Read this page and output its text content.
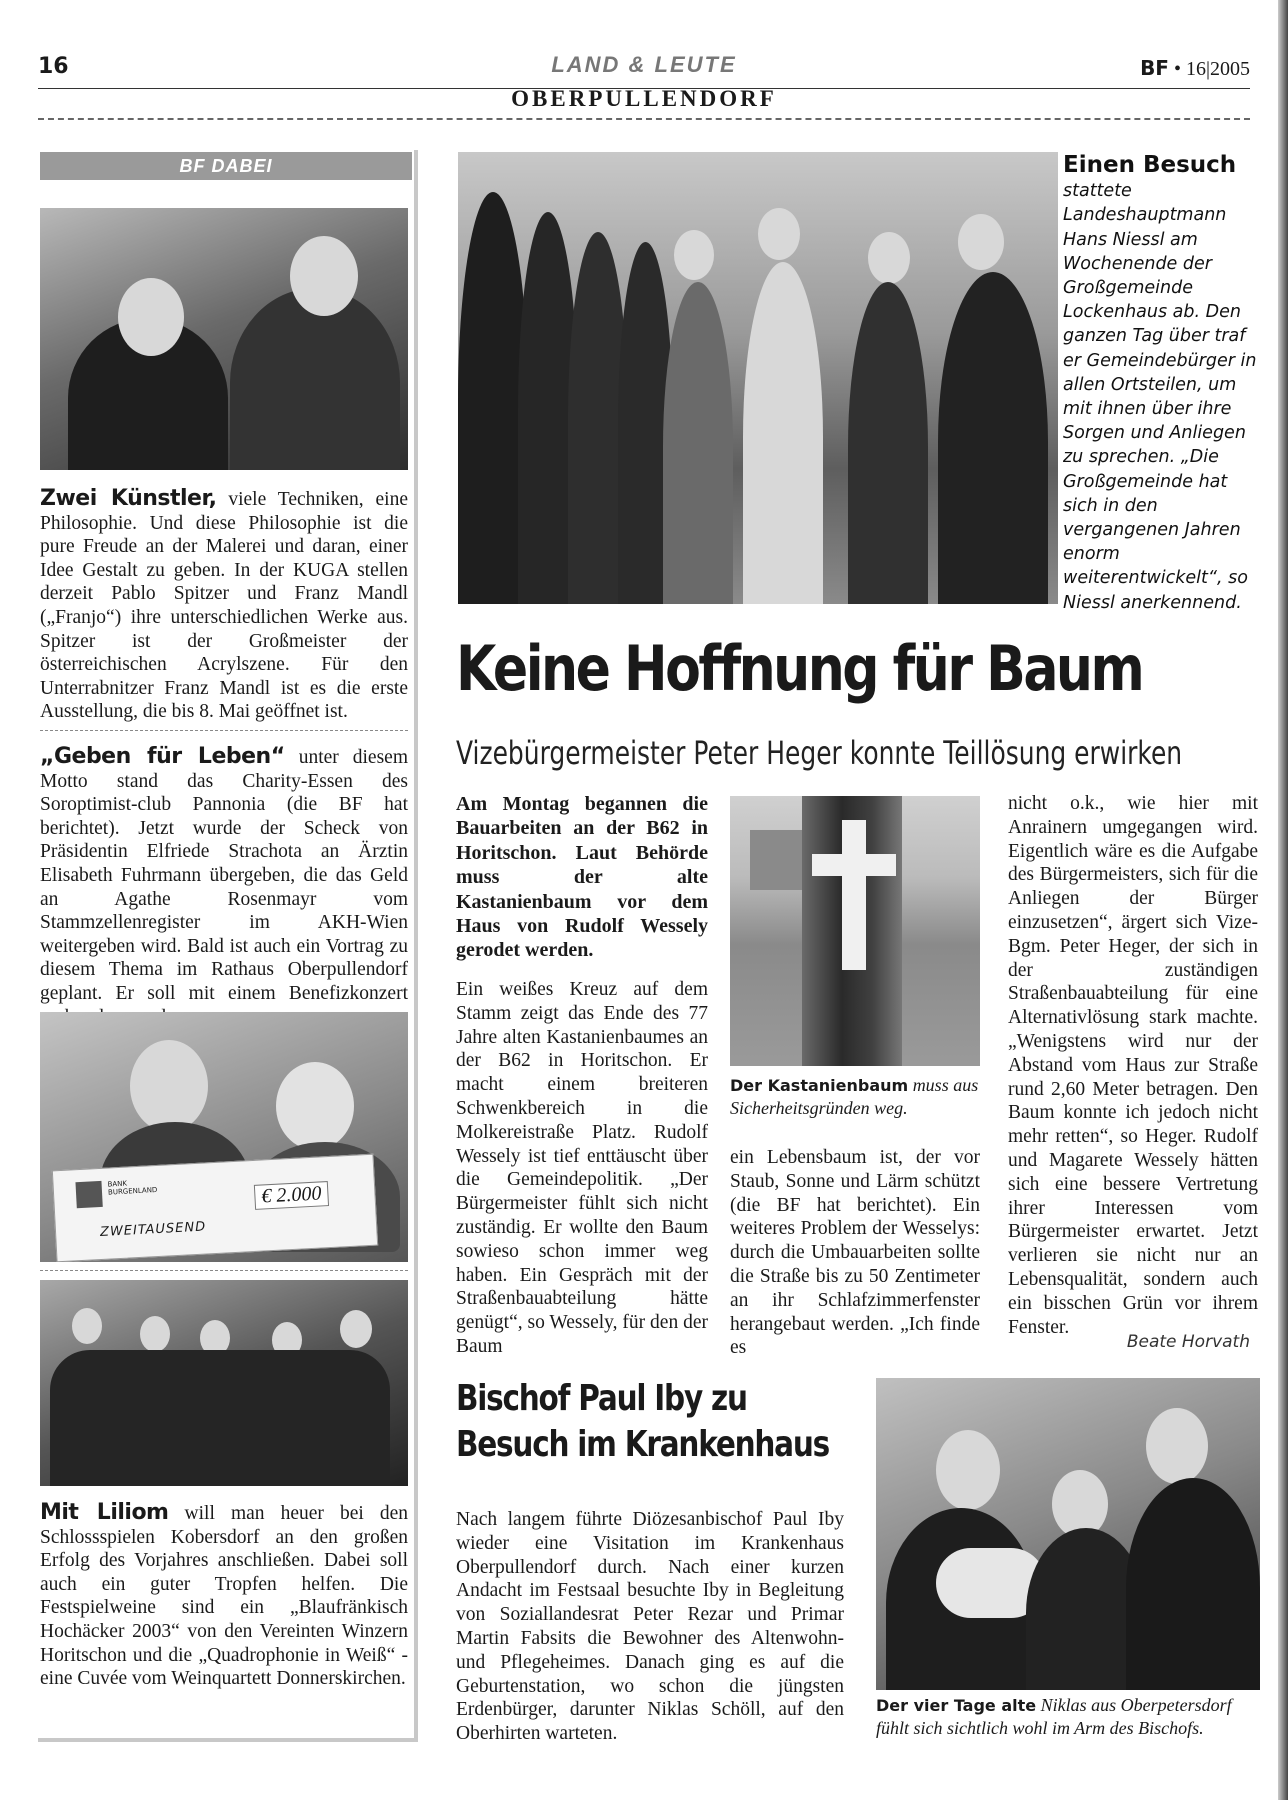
16	LAND & LEUTE
OBERPULLENDORF
BF • 16|2005
BF DABEI
Zwei Künstler, viele Techniken, eine Philosophie. Und diese Philosophie ist die pure Freude an der Malerei und daran, einer Idee Gestalt zu geben. In der KUGA stellen derzeit Pablo Spitzer und Franz Mandl („Franjo“) ihre unterschiedlichen Werke aus. Spitzer ist der Großmeister der österreichischen Acrylszene. Für den Unterrabnitzer Franz Mandl ist es die erste Ausstellung, die bis 8. Mai geöffnet ist.
„Geben für Leben“ unter diesem Motto stand das Charity-Essen des Soroptimist-club Pannonia (die BF hat berichtet). Jetzt wurde der Scheck von Präsidentin Elfriede Strachota an Ärztin Elisabeth Fuhrmann übergeben, die das Geld an Agathe Rosenmayr vom Stammzellenregister im AKH-Wien weitergeben wird. Bald ist auch ein Vortrag zu diesem Thema im Rathaus Oberpullendorf geplant. Er soll mit einem Benefizkonzert
BANK BURGENLAND	€ 2.000
ZWEITAUSEND
Mit Liliom will man heuer bei den Schlossspielen Kobersdorf an den großen Erfolg des Vorjahres anschließen. Dabei soll auch ein guter Tropfen helfen. Die Festspielweine sind ein „Blaufränkisch Hochäcker 2003“ von den Vereinten Winzern Horitschon und die „Quadrophonie in Weiß“ - eine Cuvée vom Weinquartett Donnerskirchen.
Einen Besuch stattete Landeshauptmann Hans Niessl am Wochenende der Großgemeinde Lockenhaus ab. Den ganzen Tag über traf er Gemeindebürger in allen Ortsteilen, um mit ihnen über ihre Sorgen und Anliegen zu sprechen. „Die Großgemeinde hat sich in den vergangenen Jahren enorm weiterentwickelt“, so Niessl anerkennend.
Keine Hoffnung für Baum
Vizebürgermeister Peter Heger konnte Teillösung erwirken
Am Montag begannen die Bauarbeiten an der B62 in Horitschon. Laut Behörde muss der alte Kastanienbaum vor dem Haus von Rudolf Wessely gerodet werden.
Ein weißes Kreuz auf dem Stamm zeigt das Ende des 77 Jahre alten Kastanienbaumes an der B62 in Horitschon. Er macht einem breiteren Schwenkbereich in die Molkereistraße Platz. Rudolf Wessely ist tief enttäuscht über die Gemeindepolitik. „Der Bürgermeister fühlt sich nicht zuständig. Er wollte den Baum sowieso schon immer weg haben. Ein Gespräch mit der Straßenbauabteilung hätte genügt“, so Wessely, für den der Baum
Der Kastanienbaum muss aus Sicherheitsgründen weg.
ein Lebensbaum ist, der vor Staub, Sonne und Lärm schützt (die BF hat berichtet). Ein weiteres Problem der Wesselys: durch die Umbauarbeiten sollte die Straße bis zu 50 Zentimeter an ihr Schlafzimmerfenster herangebaut werden. „Ich finde es
nicht o.k., wie hier mit Anrainern umgegangen wird. Eigentlich wäre es die Aufgabe des Bürgermeisters, sich für die Anliegen der Bürger einzusetzen“, ärgert sich Vize-Bgm. Peter Heger, der sich in der zuständigen Straßenbauabteilung für eine Alternativlösung stark machte. „Wenigstens wird nur der Abstand vom Haus zur Straße rund 2,60 Meter betragen. Den Baum konnte ich jedoch nicht mehr retten“, so Heger. Rudolf und Magarete Wessely hätten sich eine bessere Vertretung ihrer Interessen vom Bürgermeister erwartet. Jetzt verlieren sie nicht nur an Lebensqualität, sondern auch ein bisschen Grün vor ihrem Fenster.
Beate Horvath
Bischof Paul Iby zu
Besuch im Krankenhaus
Nach langem führte Diözesanbischof Paul Iby wieder eine Visitation im Krankenhaus Oberpullendorf durch. Nach einer kurzen Andacht im Festsaal besuchte Iby in Begleitung von Soziallandesrat Peter Rezar und Primar Martin Fabsits die Bewohner des Altenwohn- und Pflegeheimes. Danach ging es auf die Geburtenstation, wo schon die jüngsten Erdenbürger, darunter Niklas Schöll, auf den Oberhirten warteten.
Der vier Tage alte Niklas aus Oberpetersdorf fühlt sich sichtlich wohl im Arm des Bischofs.
